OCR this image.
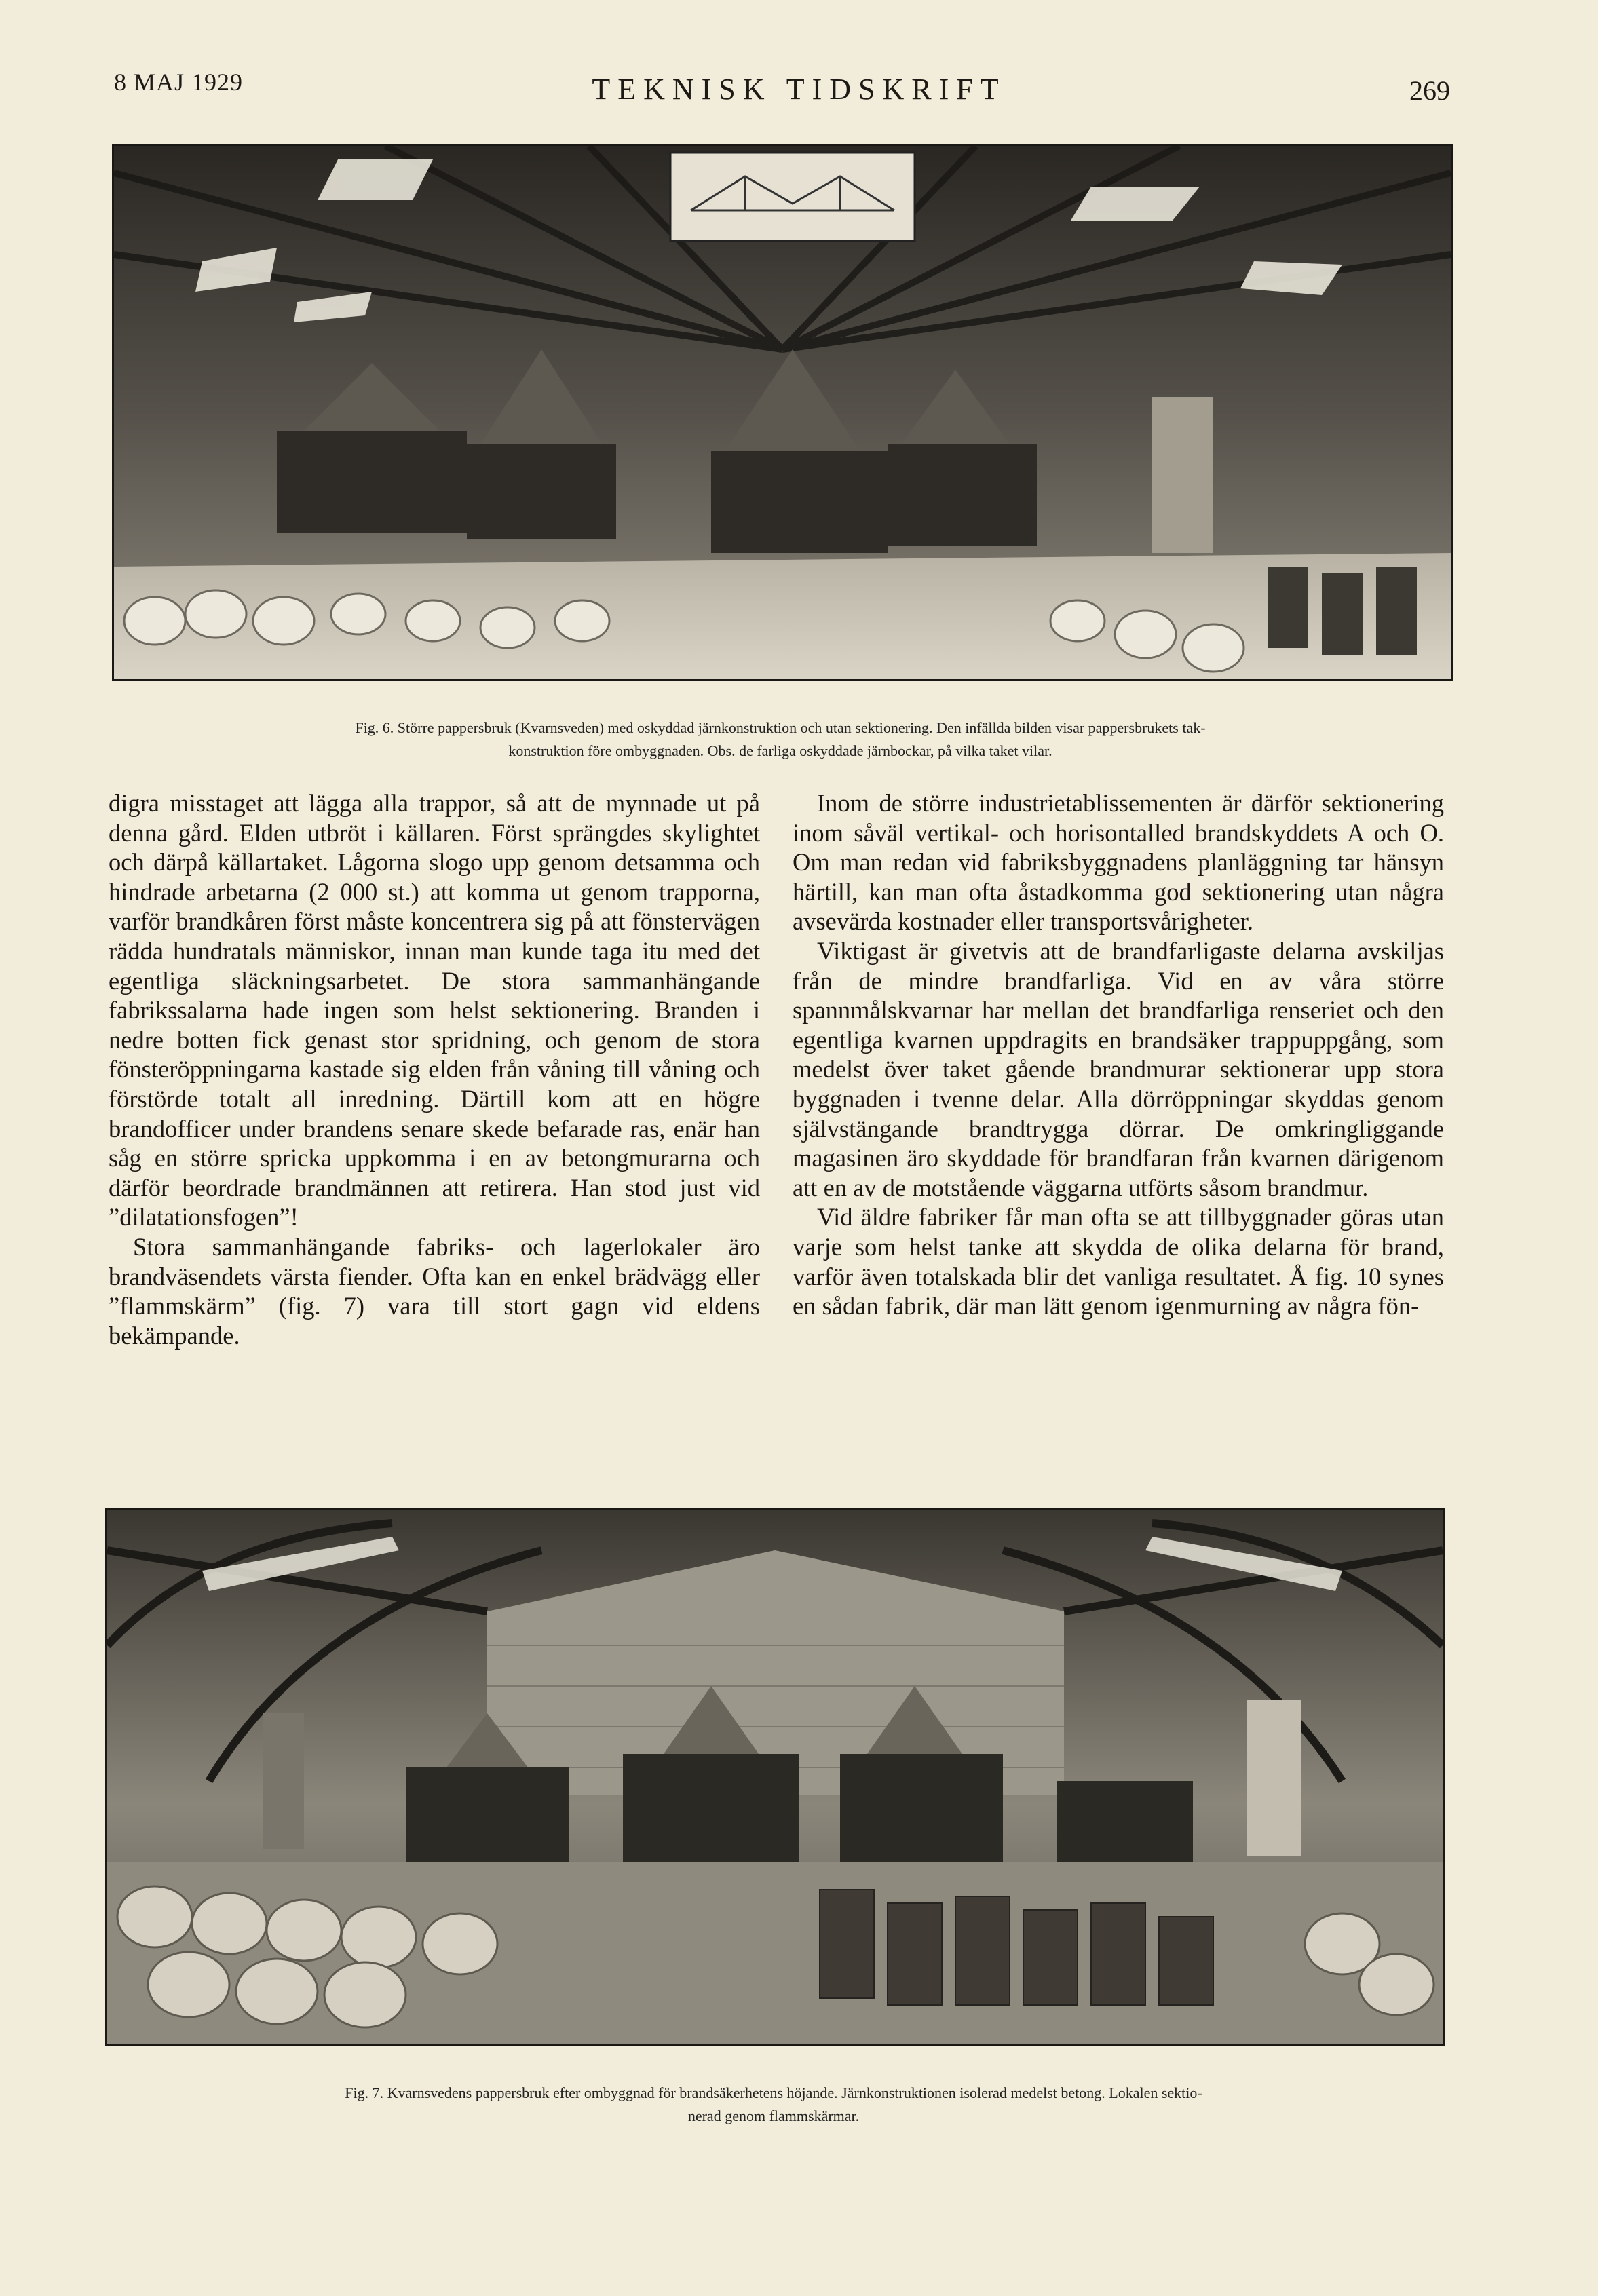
8 MAJ 1929	TEKNISK TIDSKRIFT	269
Fig. 6. Större pappersbruk (Kvarnsveden) med oskyddad järnkonstruktion och utan sektionering. Den infällda bilden visar pappersbrukets tak-
konstruktion före ombyggnaden. Obs. de farliga oskyddade järnbockar, på vilka taket vilar.

digra misstaget att lägga alla trappor, så att de mynnade ut på denna gård. Elden utbröt i källaren. Först sprängdes skylightet och därpå källartaket. Lågorna slogo upp genom detsamma och hindrade arbetarna (2 000 st.) att komma ut genom trapporna, varför brandkåren först måste koncentrera sig på att fönstervägen rädda hundratals människor, innan man kunde taga itu med det egentliga släckningsarbetet. De stora sammanhängande fabrikssalarna hade ingen som helst sektionering. Branden i nedre botten fick genast stor spridning, och genom de stora fönsteröppningarna kastade sig elden från våning till våning och förstörde totalt all inredning. Därtill kom att en högre brandofficer under brandens senare skede befarade ras, enär han såg en större spricka uppkomma i en av betongmurarna och därför beordrade brandmännen att retirera. Han stod just vid ”dilatationsfogen”!

Stora sammanhängande fabriks- och lagerlokaler äro brandväsendets värsta fiender. Ofta kan en enkel brädvägg eller ”flammskärm” (fig. 7) vara till stort gagn vid eldens bekämpande.

Inom de större industrietablissementen är därför sektionering inom såväl vertikal- och horisontalled brandskyddets A och O. Om man redan vid fabriksbyggnadens planläggning tar hänsyn härtill, kan man ofta åstadkomma god sektionering utan några avsevärda kostnader eller transportsvårigheter.

Viktigast är givetvis att de brandfarligaste delarna avskiljas från de mindre brandfarliga. Vid en av våra större spannmålskvarnar har mellan det brandfarliga renseriet och den egentliga kvarnen uppdragits en brandsäker trappuppgång, som medelst över taket gående brandmurar sektionerar upp stora byggnaden i tvenne delar. Alla dörröppningar skyddas genom självstängande brandtrygga dörrar. De omkringliggande magasinen äro skyddade för brandfaran från kvarnen därigenom att en av de motstående väggarna utförts såsom brandmur.

Vid äldre fabriker får man ofta se att tillbyggnader göras utan varje som helst tanke att skydda de olika delarna för brand, varför även totalskada blir det vanliga resultatet. Å fig. 10 synes en sådan fabrik, där man lätt genom igenmurning av några fön-

Fig. 7. Kvarnsvedens pappersbruk efter ombyggnad för brandsäkerhetens höjande. Järnkonstruktionen isolerad medelst betong. Lokalen sektio-
nerad genom flammskärmar.
